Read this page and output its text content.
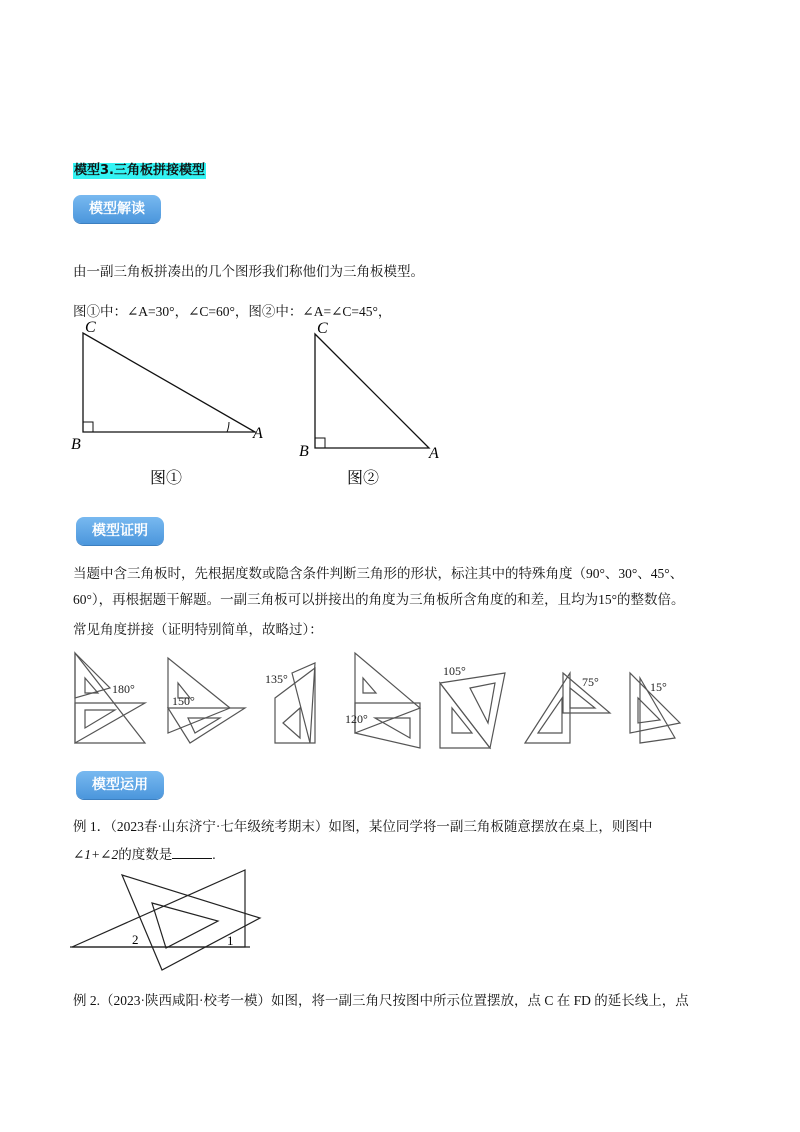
模型3.三角板拼接模型
模型解读
由一副三角板拼凑出的几个图形我们称他们为三角板模型。
图①中：∠A=30°，∠C=60°，图②中：∠A=∠C=45°，
C
B
A
图①
C
B	A
图②
模型证明
当题中含三角板时，先根据度数或隐含条件判断三角形的形状，标注其中的特殊角度（90°、30°、45°、
60°），再根据题干解题。一副三角板可以拼接出的角度为三角板所含角度的和差，且均为15°的整数倍。
常见角度拼接（证明特别简单，故略过）：
180°
150°
135°
120°
105°
75°	15°
模型运用
例 1．（2023春·山东济宁·七年级统考期末）如图，某位同学将一副三角板随意摆放在桌上，则图中
∠1+∠2的度数是	.
2	1
例 2.（2023·陕西咸阳·校考一模）如图，将一副三角尺按图中所示位置摆放，点 C 在 FD 的延长线上，点
